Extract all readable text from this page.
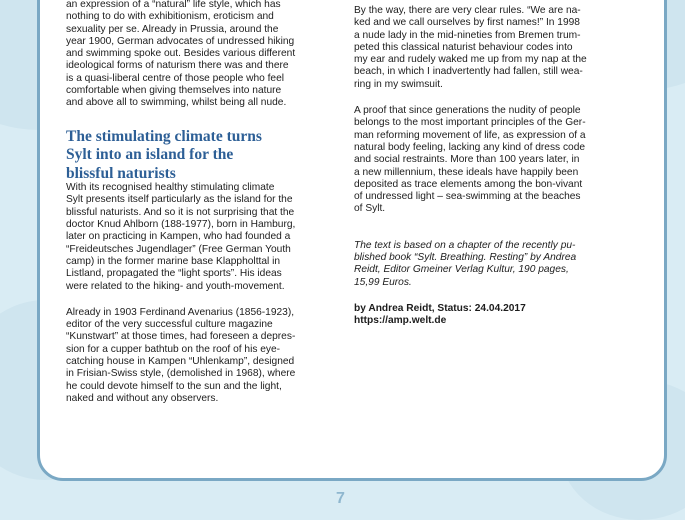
an expression of a “natural” life style, which has
nothing to do with exhibitionism, eroticism and
sexuality per se. Already in Prussia, around the
year 1900, German advocates of undressed hiking
and swimming spoke out. Besides various different
ideological forms of naturism there was and there
is a quasi-liberal centre of those people who feel
comfortable when giving themselves into nature
and above all to swimming, whilst being all nude.
The stimulating climate turns
Sylt into an island for the
blissful naturists
With its recognised healthy stimulating climate
Sylt presents itself particularly as the island for the
blissful naturists. And so it is not surprising that the
doctor Knud Ahlborn (188-1977), born in Hamburg,
later on practicing in Kampen, who had founded a
“Freideutsches Jugendlager” (Free German Youth
camp) in the former marine base Klappholttal in
Listland, propagated the “light sports”. His ideas
were related to the hiking- and youth-movement.
Already in 1903 Ferdinand Avenarius (1856-1923),
editor of the very successful culture magazine
“Kunstwart” at those times, had foreseen a depres-
sion for a cupper bathtub on the roof of his eye-
catching house in Kampen “Uhlenkamp”, designed
in Frisian-Swiss style, (demolished in 1968), where
he could devote himself to the sun and the light,
naked and without any observers.
By the way, there are very clear rules. “We are na-
ked and we call ourselves by first names!” In 1998
a nude lady in the mid-nineties from Bremen trum-
peted this classical naturist behaviour codes into
my ear and rudely waked me up from my nap at the
beach, in which I inadvertently had fallen, still wea-
ring in my swimsuit.
A proof that since generations the nudity of people
belongs to the most important principles of the Ger-
man reforming movement of life, as expression of a
natural body feeling, lacking any kind of dress code
and social restraints. More than 100 years later, in
a new millennium, these ideals have happily been
deposited as trace elements among the bon-vivant
of undressed light – sea-swimming at the beaches
of Sylt.
The text is based on a chapter of the recently pu-
blished book “Sylt. Breathing. Resting” by Andrea
Reidt, Editor Gmeiner Verlag Kultur, 190 pages,
15,99 Euros.
by Andrea Reidt, Status: 24.04.2017
https://amp.welt.de
7
